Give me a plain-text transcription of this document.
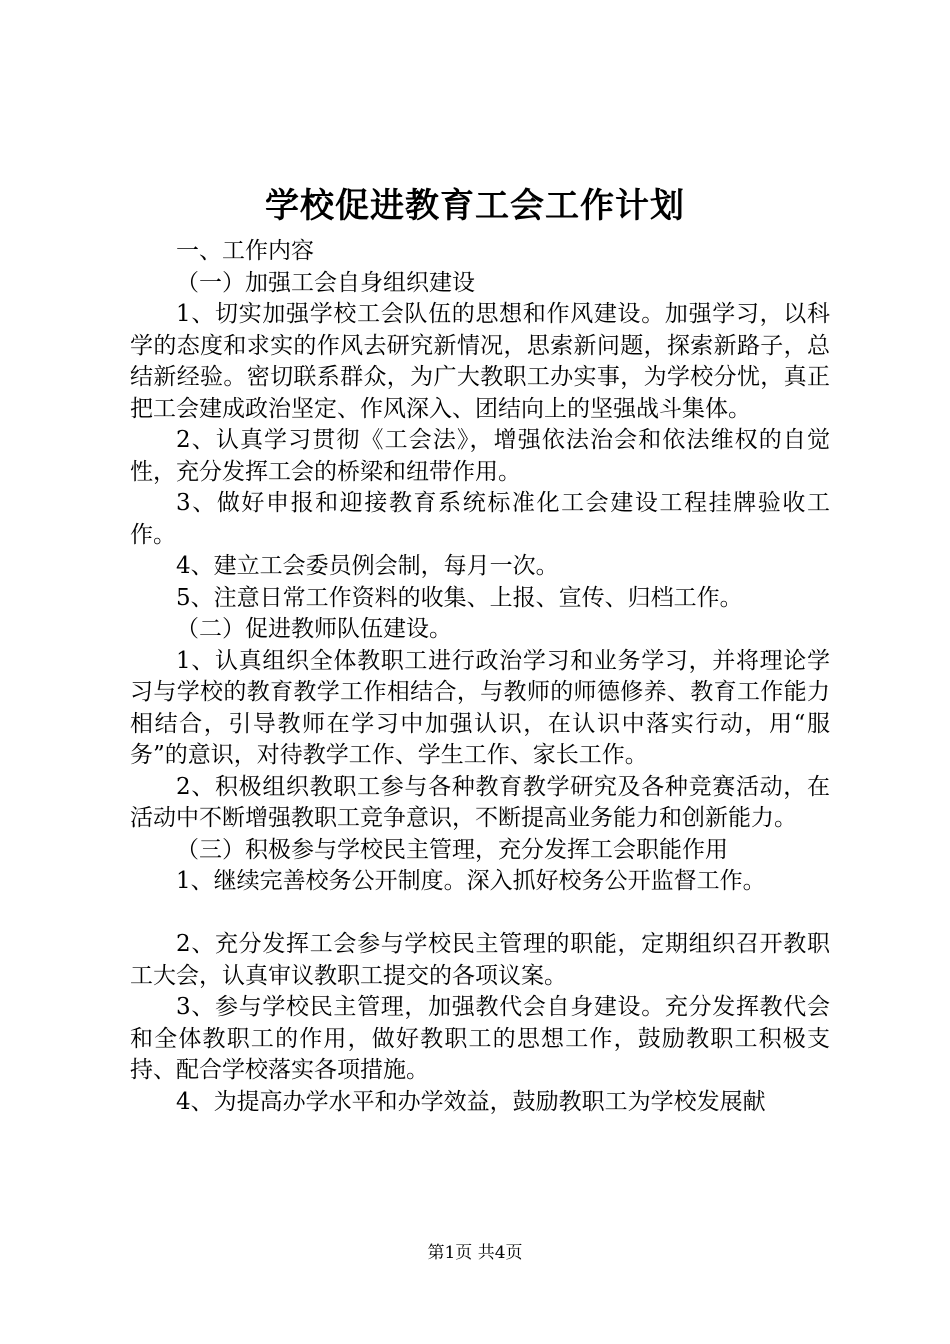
学校促进教育工会工作计划

一、工作内容

（一）加强工会自身组织建设

1、切实加强学校工会队伍的思想和作风建设。加强学习，以科学的态度和求实的作风去研究新情况，思索新问题，探索新路子，总结新经验。密切联系群众，为广大教职工办实事，为学校分忧，真正把工会建成政治坚定、作风深入、团结向上的坚强战斗集体。

2、认真学习贯彻《工会法》，增强依法治会和依法维权的自觉性，充分发挥工会的桥梁和纽带作用。

3、做好申报和迎接教育系统标准化工会建设工程挂牌验收工作。

4、建立工会委员例会制，每月一次。

5、注意日常工作资料的收集、上报、宣传、归档工作。

（二）促进教师队伍建设。

1、认真组织全体教职工进行政治学习和业务学习，并将理论学习与学校的教育教学工作相结合，与教师的师德修养、教育工作能力相结合，引导教师在学习中加强认识，在认识中落实行动，用“服务”的意识，对待教学工作、学生工作、家长工作。

2、积极组织教职工参与各种教育教学研究及各种竞赛活动，在活动中不断增强教职工竞争意识，不断提高业务能力和创新能力。

（三）积极参与学校民主管理，充分发挥工会职能作用

1、继续完善校务公开制度。深入抓好校务公开监督工作。

2、充分发挥工会参与学校民主管理的职能，定期组织召开教职工大会，认真审议教职工提交的各项议案。

3、参与学校民主管理，加强教代会自身建设。充分发挥教代会和全体教职工的作用，做好教职工的思想工作，鼓励教职工积极支持、配合学校落实各项措施。

4、为提高办学水平和办学效益，鼓励教职工为学校发展献

第1页 共4页
